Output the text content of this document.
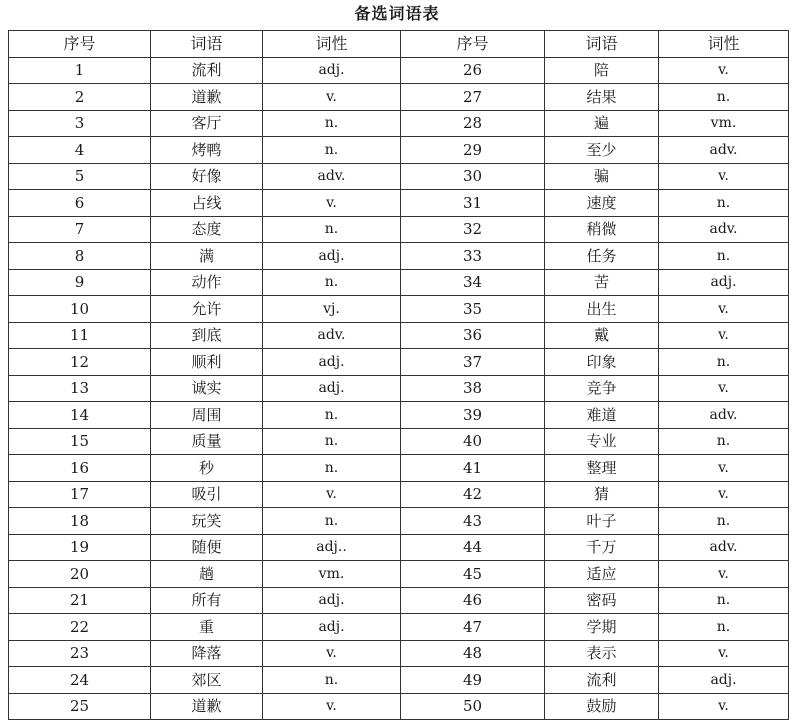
备选词语表
序号	词语	词性	序号	词语	词性
1	流利	adj.	26	陪	v.
2	道歉	v.	27	结果	n.
3	客厅	n.	28	遍	vm.
4	烤鸭	n.	29	至少	adv.
5	好像	adv.	30	骗	v.
6	占线	v.	31	速度	n.
7	态度	n.	32	稍微	adv.
8	满	adj.	33	任务	n.
9	动作	n.	34	苦	adj.
10	允许	vj.	35	出生	v.
11	到底	adv.	36	戴	v.
12	顺利	adj.	37	印象	n.
13	诚实	adj.	38	竞争	v.
14	周围	n.	39	难道	adv.
15	质量	n.	40	专业	n.
16	秒	n.	41	整理	v.
17	吸引	v.	42	猜	v.
18	玩笑	n.	43	叶子	n.
19	随便	adj..	44	千万	adv.
20	趟	vm.	45	适应	v.
21	所有	adj.	46	密码	n.
22	重	adj.	47	学期	n.
23	降落	v.	48	表示	v.
24	郊区	n.	49	流利	adj.
25	道歉	v.	50	鼓励	v.
